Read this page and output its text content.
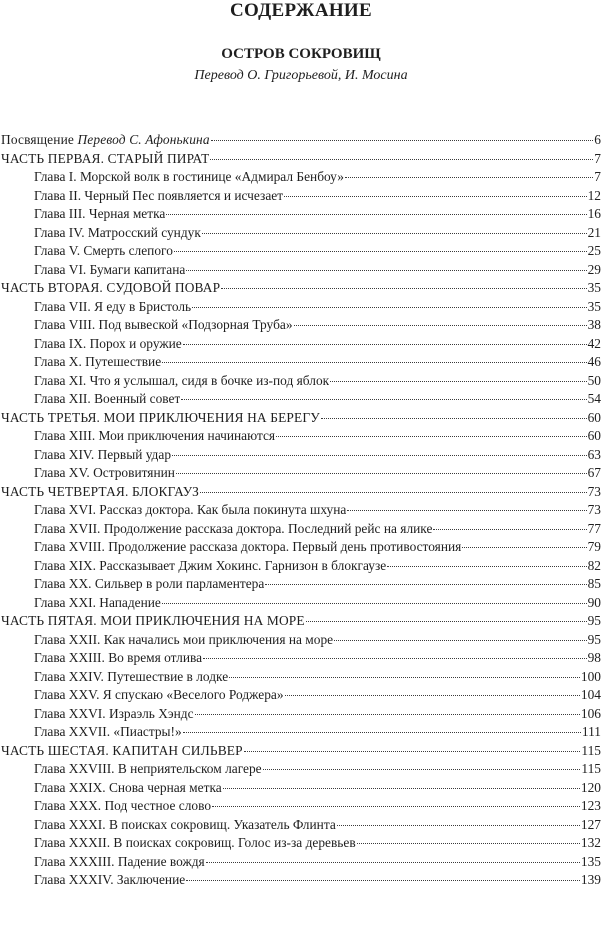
СОДЕРЖАНИЕ
ОСТРОВ СОКРОВИЩ
Перевод О. Григорьевой, И. Мосина
Посвящение Перевод С. Афонькина	6
ЧАСТЬ ПЕРВАЯ. СТАРЫЙ ПИРАТ	7
Глава I. Морской волк в гостинице «Адмирал Бенбоу»	7
Глава II. Черный Пес появляется и исчезает	12
Глава III. Черная метка	16
Глава IV. Матросский сундук	21
Глава V. Смерть слепого	25
Глава VI. Бумаги капитана	29
ЧАСТЬ ВТОРАЯ. СУДОВОЙ ПОВАР	35
Глава VII. Я еду в Бристоль	35
Глава VIII. Под вывеской «Подзорная Труба»	38
Глава IX. Порох и оружие	42
Глава X. Путешествие	46
Глава XI. Что я услышал, сидя в бочке из-под яблок	50
Глава XII. Военный совет	54
ЧАСТЬ ТРЕТЬЯ. МОИ ПРИКЛЮЧЕНИЯ НА БЕРЕГУ	60
Глава XIII. Мои приключения начинаются	60
Глава XIV. Первый удар	63
Глава XV. Островитянин	67
ЧАСТЬ ЧЕТВЕРТАЯ. БЛОКГАУЗ	73
Глава XVI. Рассказ доктора. Как была покинута шхуна	73
Глава XVII. Продолжение рассказа доктора. Последний рейс на ялике	77
Глава XVIII. Продолжение рассказа доктора. Первый день противостояния	79
Глава XIX. Рассказывает Джим Хокинс. Гарнизон в блокгаузе	82
Глава XX. Сильвер в роли парламентера	85
Глава XXI. Нападение	90
ЧАСТЬ ПЯТАЯ. МОИ ПРИКЛЮЧЕНИЯ НА МОРЕ	95
Глава XXII. Как начались мои приключения на море	95
Глава XXIII. Во время отлива	98
Глава XXIV. Путешествие в лодке	100
Глава XXV. Я спускаю «Веселого Роджера»	104
Глава XXVI. Израэль Хэндс	106
Глава XXVII. «Пиастры!»	111
ЧАСТЬ ШЕСТАЯ. КАПИТАН СИЛЬВЕР	115
Глава XXVIII. В неприятельском лагере	115
Глава XXIX. Снова черная метка	120
Глава XXX. Под честное слово	123
Глава XXXI. В поисках сокровищ. Указатель Флинта	127
Глава XXXII. В поисках сокровищ. Голос из-за деревьев	132
Глава XXXIII. Падение вождя	135
Глава XXXIV. Заключение	139
